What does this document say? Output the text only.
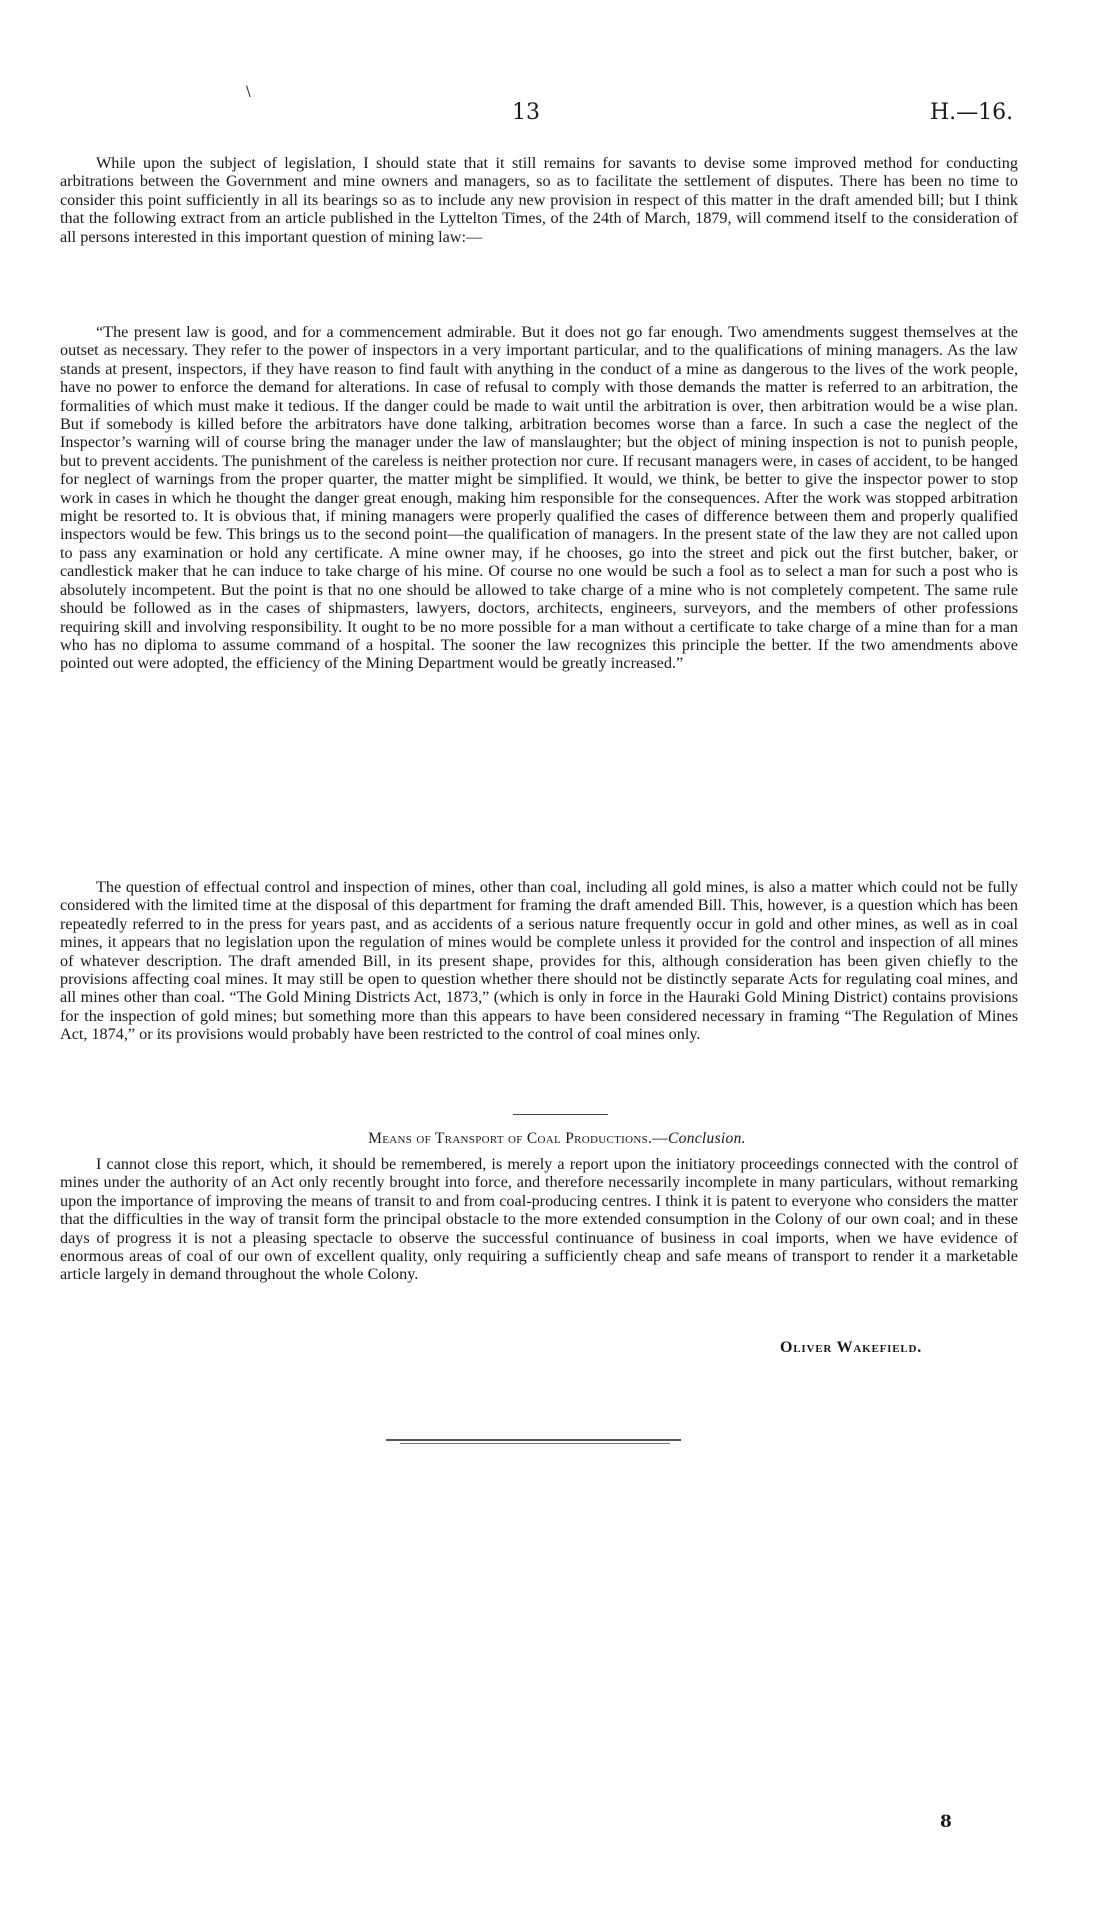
\
13	H.—16.

While upon the subject of legislation, I should state that it still remains for savants to devise some improved method for conducting arbitrations between the Government and mine owners and managers, so as to facilitate the settlement of disputes. There has been no time to consider this point sufficiently in all its bearings so as to include any new provision in respect of this matter in the draft amended bill; but I think that the following extract from an article published in the Lyttelton Times, of the 24th of March, 1879, will commend itself to the consideration of all persons interested in this important question of mining law:—

“The present law is good, and for a commencement admirable. But it does not go far enough. Two amendments suggest themselves at the outset as necessary. They refer to the power of inspectors in a very important particular, and to the qualifications of mining managers. As the law stands at present, inspectors, if they have reason to find fault with anything in the conduct of a mine as dangerous to the lives of the work people, have no power to enforce the demand for alterations. In case of refusal to comply with those demands the matter is referred to an arbitration, the formalities of which must make it tedious. If the danger could be made to wait until the arbitration is over, then arbitration would be a wise plan. But if somebody is killed before the arbitrators have done talking, arbitration becomes worse than a farce. In such a case the neglect of the Inspector’s warning will of course bring the manager under the law of manslaughter; but the object of mining inspection is not to punish people, but to prevent accidents. The punishment of the careless is neither protection nor cure. If recusant managers were, in cases of accident, to be hanged for neglect of warnings from the proper quarter, the matter might be simplified. It would, we think, be better to give the inspector power to stop work in cases in which he thought the danger great enough, making him responsible for the consequences. After the work was stopped arbitration might be resorted to. It is obvious that, if mining managers were properly qualified the cases of difference between them and properly qualified inspectors would be few. This brings us to the second point—the qualification of managers. In the present state of the law they are not called upon to pass any examination or hold any certificate. A mine owner may, if he chooses, go into the street and pick out the first butcher, baker, or candlestick maker that he can induce to take charge of his mine. Of course no one would be such a fool as to select a man for such a post who is absolutely incompetent. But the point is that no one should be allowed to take charge of a mine who is not completely competent. The same rule should be followed as in the cases of shipmasters, lawyers, doctors, architects, engineers, surveyors, and the members of other professions requiring skill and involving responsibility. It ought to be no more possible for a man without a certificate to take charge of a mine than for a man who has no diploma to assume command of a hospital. The sooner the law recognizes this principle the better. If the two amendments above pointed out were adopted, the efficiency of the Mining Department would be greatly increased.”

The question of effectual control and inspection of mines, other than coal, including all gold mines, is also a matter which could not be fully considered with the limited time at the disposal of this department for framing the draft amended Bill. This, however, is a question which has been repeatedly referred to in the press for years past, and as accidents of a serious nature frequently occur in gold and other mines, as well as in coal mines, it appears that no legislation upon the regulation of mines would be complete unless it provided for the control and inspection of all mines of whatever description. The draft amended Bill, in its present shape, provides for this, although consideration has been given chiefly to the provisions affecting coal mines. It may still be open to question whether there should not be distinctly separate Acts for regulating coal mines, and all mines other than coal. “The Gold Mining Districts Act, 1873,” (which is only in force in the Hauraki Gold Mining District) contains provisions for the inspection of gold mines; but something more than this appears to have been considered necessary in framing “The Regulation of Mines Act, 1874,” or its provisions would probably have been restricted to the control of coal mines only.

Means of Transport of Coal Productions.—Conclusion.

I cannot close this report, which, it should be remembered, is merely a report upon the initiatory proceedings connected with the control of mines under the authority of an Act only recently brought into force, and therefore necessarily incomplete in many particulars, without remarking upon the importance of improving the means of transit to and from coal-producing centres. I think it is patent to everyone who considers the matter that the difficulties in the way of transit form the principal obstacle to the more extended consumption in the Colony of our own coal; and in these days of progress it is not a pleasing spectacle to observe the successful continuance of business in coal imports, when we have evidence of enormous areas of coal of our own of excellent quality, only requiring a sufficiently cheap and safe means of transport to render it a marketable article largely in demand throughout the whole Colony.

Oliver Wakefield.
8
